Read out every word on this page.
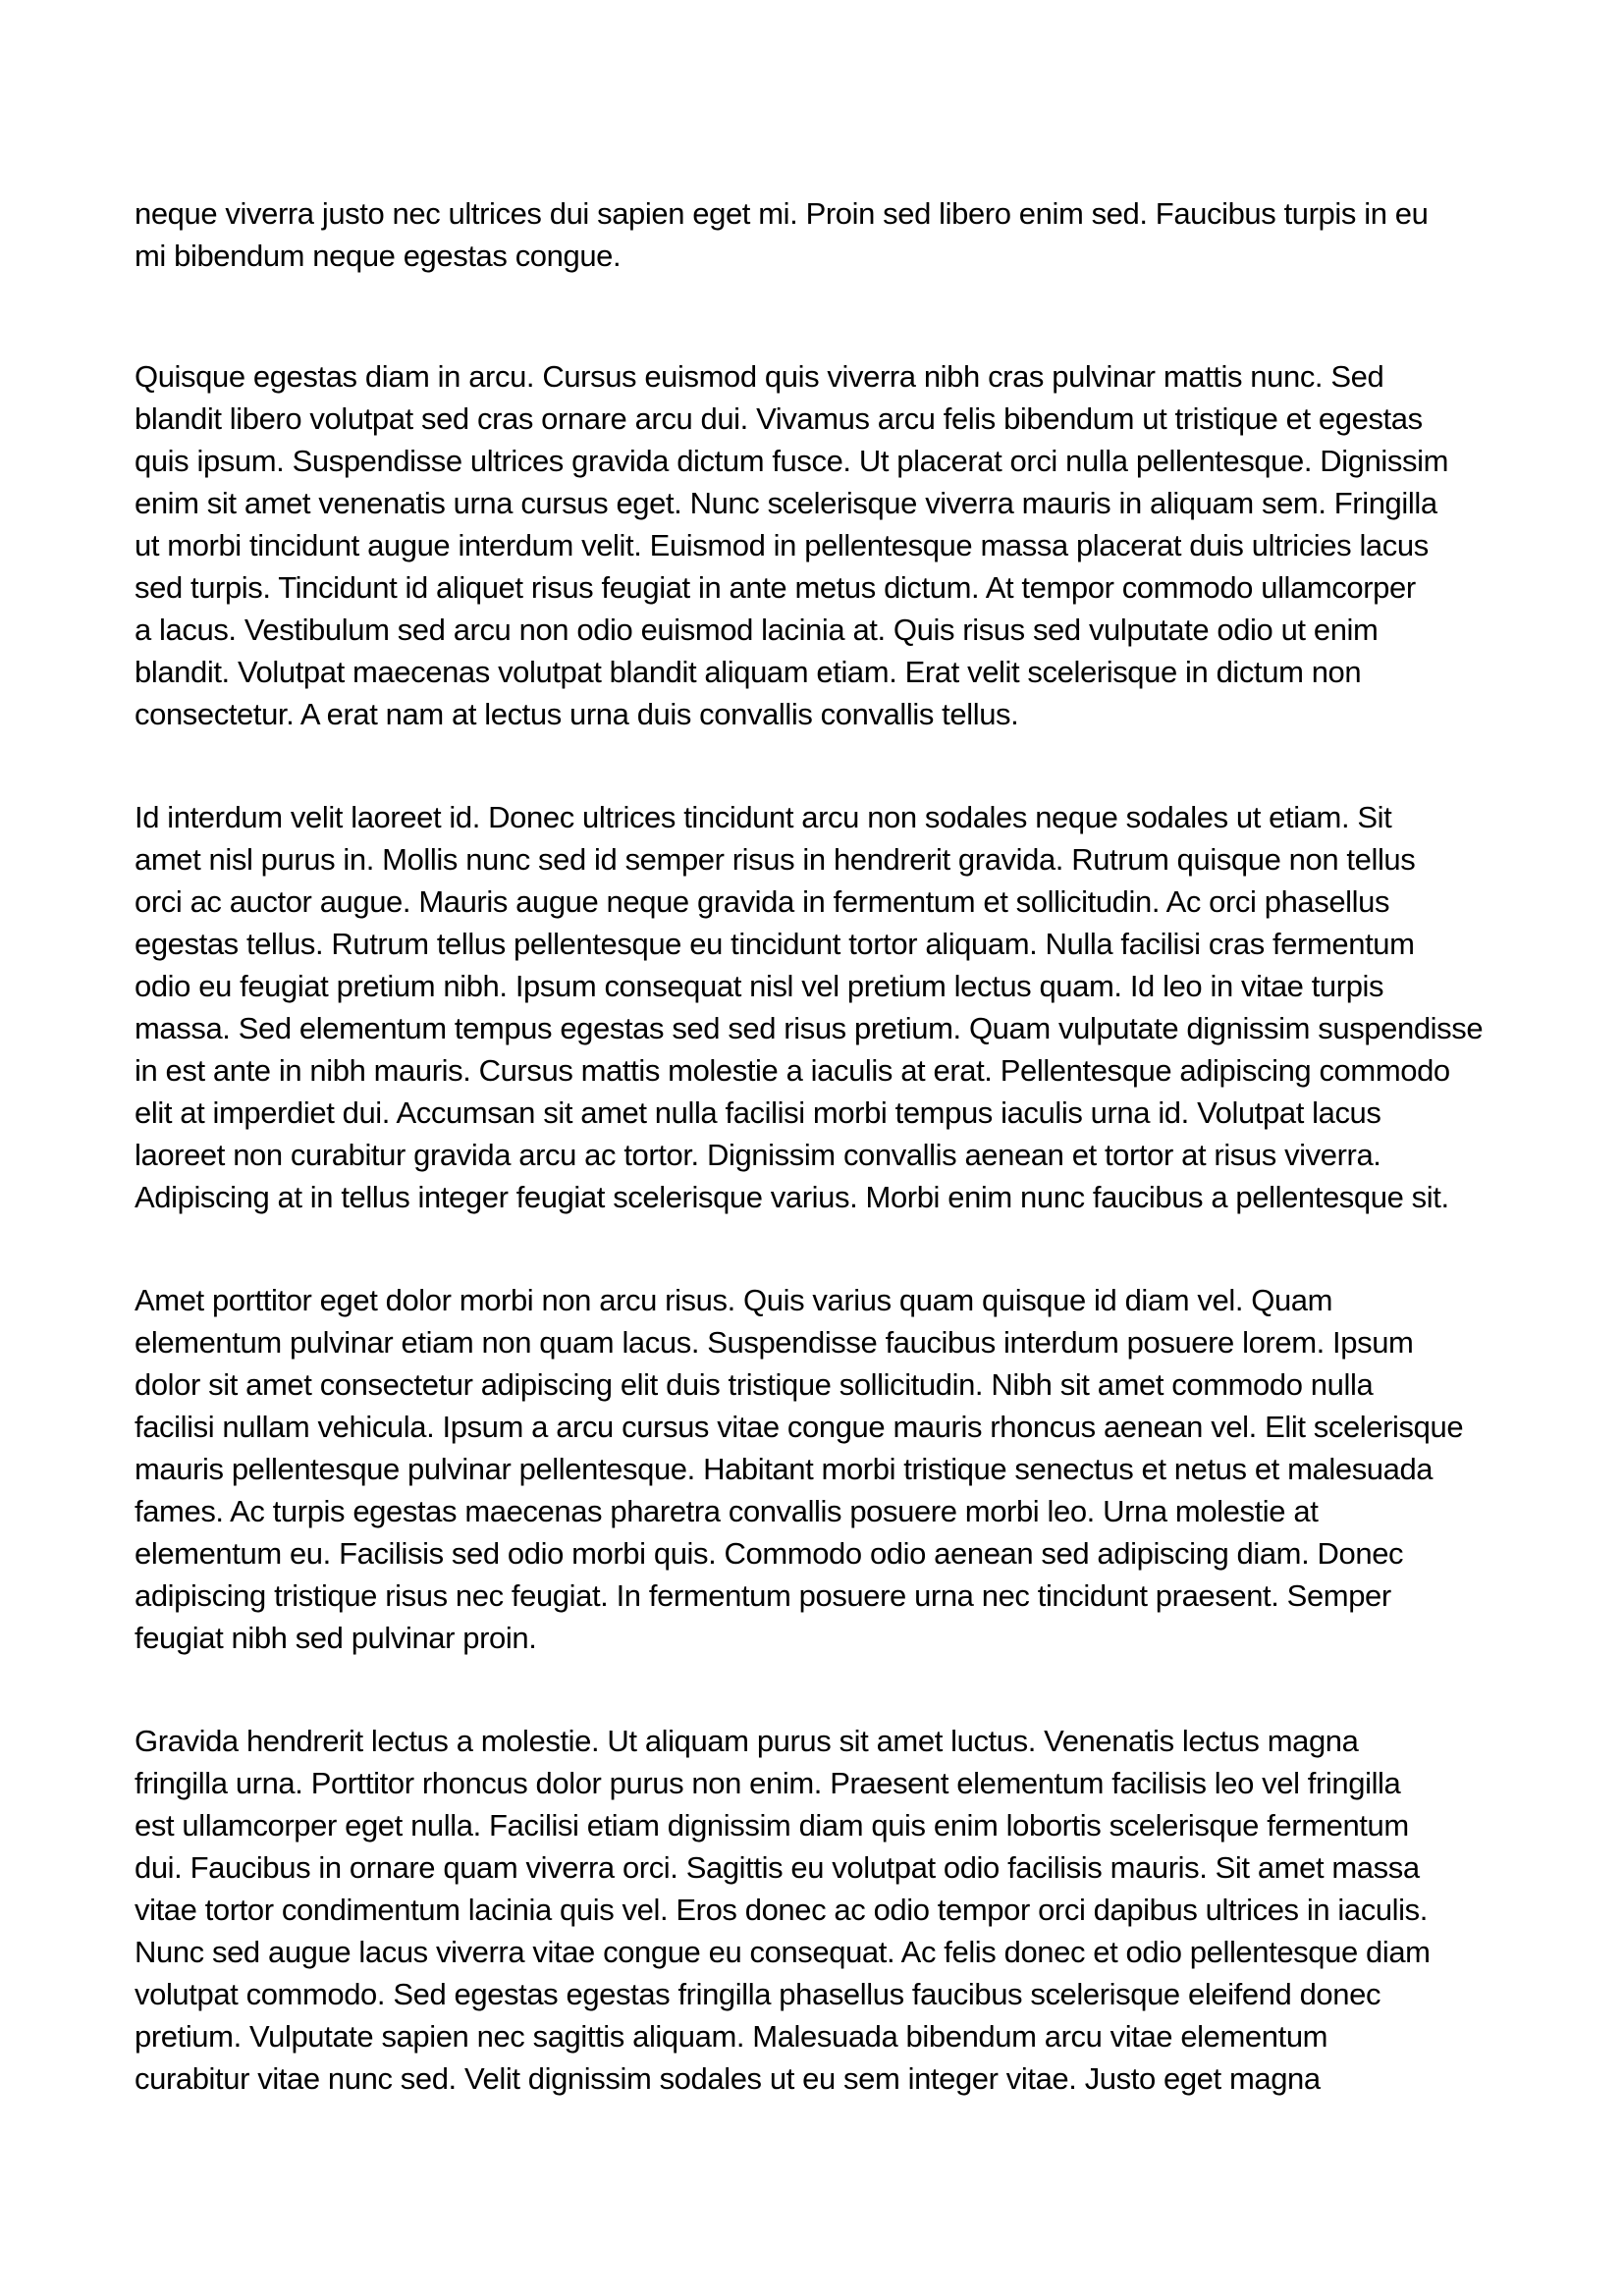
neque viverra justo nec ultrices dui sapien eget mi. Proin sed libero enim sed. Faucibus turpis in eu
mi bibendum neque egestas congue.
Quisque egestas diam in arcu. Cursus euismod quis viverra nibh cras pulvinar mattis nunc. Sed
blandit libero volutpat sed cras ornare arcu dui. Vivamus arcu felis bibendum ut tristique et egestas
quis ipsum. Suspendisse ultrices gravida dictum fusce. Ut placerat orci nulla pellentesque. Dignissim
enim sit amet venenatis urna cursus eget. Nunc scelerisque viverra mauris in aliquam sem. Fringilla
ut morbi tincidunt augue interdum velit. Euismod in pellentesque massa placerat duis ultricies lacus
sed turpis. Tincidunt id aliquet risus feugiat in ante metus dictum. At tempor commodo ullamcorper
a lacus. Vestibulum sed arcu non odio euismod lacinia at. Quis risus sed vulputate odio ut enim
blandit. Volutpat maecenas volutpat blandit aliquam etiam. Erat velit scelerisque in dictum non
consectetur. A erat nam at lectus urna duis convallis convallis tellus.
Id interdum velit laoreet id. Donec ultrices tincidunt arcu non sodales neque sodales ut etiam. Sit
amet nisl purus in. Mollis nunc sed id semper risus in hendrerit gravida. Rutrum quisque non tellus
orci ac auctor augue. Mauris augue neque gravida in fermentum et sollicitudin. Ac orci phasellus
egestas tellus. Rutrum tellus pellentesque eu tincidunt tortor aliquam. Nulla facilisi cras fermentum
odio eu feugiat pretium nibh. Ipsum consequat nisl vel pretium lectus quam. Id leo in vitae turpis
massa. Sed elementum tempus egestas sed sed risus pretium. Quam vulputate dignissim suspendisse
in est ante in nibh mauris. Cursus mattis molestie a iaculis at erat. Pellentesque adipiscing commodo
elit at imperdiet dui. Accumsan sit amet nulla facilisi morbi tempus iaculis urna id. Volutpat lacus
laoreet non curabitur gravida arcu ac tortor. Dignissim convallis aenean et tortor at risus viverra.
Adipiscing at in tellus integer feugiat scelerisque varius. Morbi enim nunc faucibus a pellentesque sit.
Amet porttitor eget dolor morbi non arcu risus. Quis varius quam quisque id diam vel. Quam
elementum pulvinar etiam non quam lacus. Suspendisse faucibus interdum posuere lorem. Ipsum
dolor sit amet consectetur adipiscing elit duis tristique sollicitudin. Nibh sit amet commodo nulla
facilisi nullam vehicula. Ipsum a arcu cursus vitae congue mauris rhoncus aenean vel. Elit scelerisque
mauris pellentesque pulvinar pellentesque. Habitant morbi tristique senectus et netus et malesuada
fames. Ac turpis egestas maecenas pharetra convallis posuere morbi leo. Urna molestie at
elementum eu. Facilisis sed odio morbi quis. Commodo odio aenean sed adipiscing diam. Donec
adipiscing tristique risus nec feugiat. In fermentum posuere urna nec tincidunt praesent. Semper
feugiat nibh sed pulvinar proin.
Gravida hendrerit lectus a molestie. Ut aliquam purus sit amet luctus. Venenatis lectus magna
fringilla urna. Porttitor rhoncus dolor purus non enim. Praesent elementum facilisis leo vel fringilla
est ullamcorper eget nulla. Facilisi etiam dignissim diam quis enim lobortis scelerisque fermentum
dui. Faucibus in ornare quam viverra orci. Sagittis eu volutpat odio facilisis mauris. Sit amet massa
vitae tortor condimentum lacinia quis vel. Eros donec ac odio tempor orci dapibus ultrices in iaculis.
Nunc sed augue lacus viverra vitae congue eu consequat. Ac felis donec et odio pellentesque diam
volutpat commodo. Sed egestas egestas fringilla phasellus faucibus scelerisque eleifend donec
pretium. Vulputate sapien nec sagittis aliquam. Malesuada bibendum arcu vitae elementum
curabitur vitae nunc sed. Velit dignissim sodales ut eu sem integer vitae. Justo eget magna
